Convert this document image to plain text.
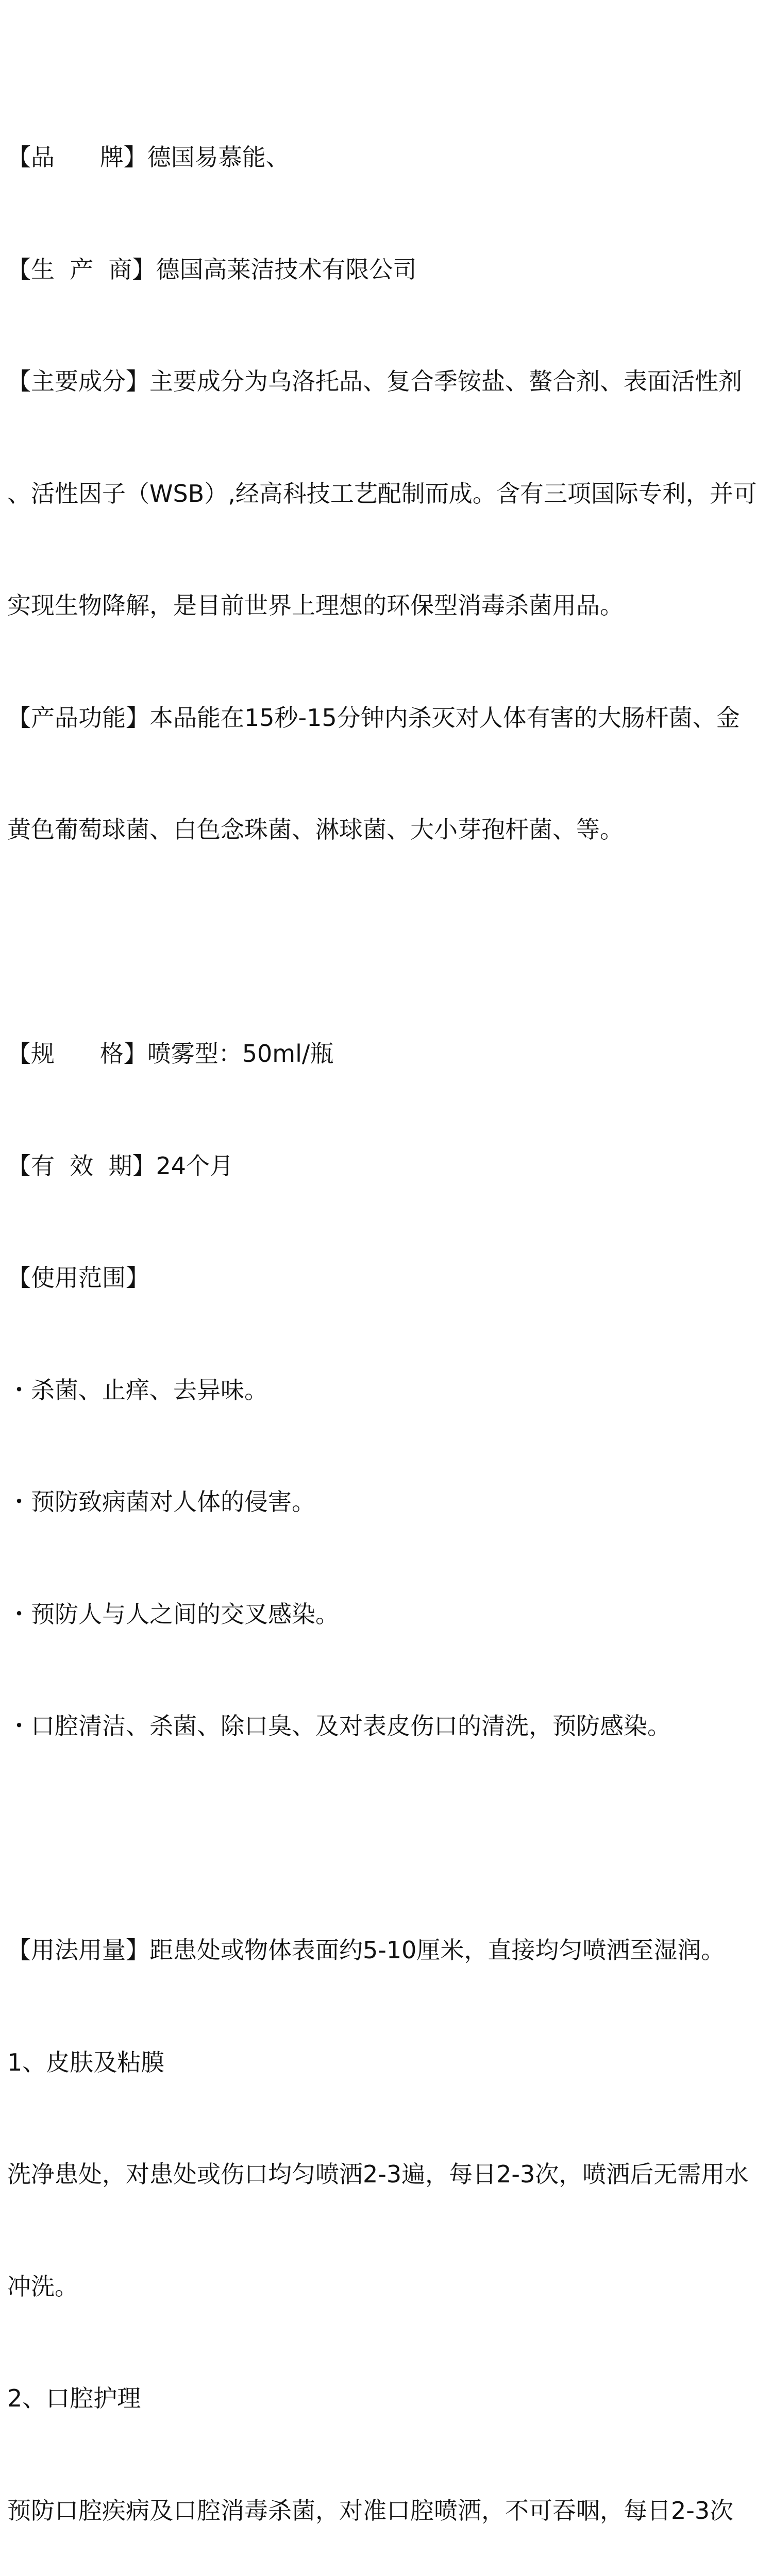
【品      牌】德国易慕能、

【生  产  商】德国高莱洁技术有限公司

【主要成分】主要成分为乌洛托品、复合季铵盐、螯合剂、表面活性剂

、活性因子（WSB）,经高科技工艺配制而成。含有三项国际专利，并可

实现生物降解，是目前世界上理想的环保型消毒杀菌用品。

【产品功能】本品能在15秒-15分钟内杀灭对人体有害的大肠杆菌、金

黄色葡萄球菌、白色念珠菌、淋球菌、大小芽孢杆菌、等。

【规      格】喷雾型：50ml/瓶

【有  效  期】24个月

【使用范围】

・杀菌、止痒、去异味。

・预防致病菌对人体的侵害。

・预防人与人之间的交叉感染。

・口腔清洁、杀菌、除口臭、及对表皮伤口的清洗，预防感染。

【用法用量】距患处或物体表面约5-10厘米，直接均匀喷洒至湿润。

1、皮肤及粘膜

洗净患处，对患处或伤口均匀喷洒2-3遍，每日2-3次，喷洒后无需用水

冲洗。

2、口腔护理

预防口腔疾病及口腔消毒杀菌，对准口腔喷洒，不可吞咽，每日2-3次
